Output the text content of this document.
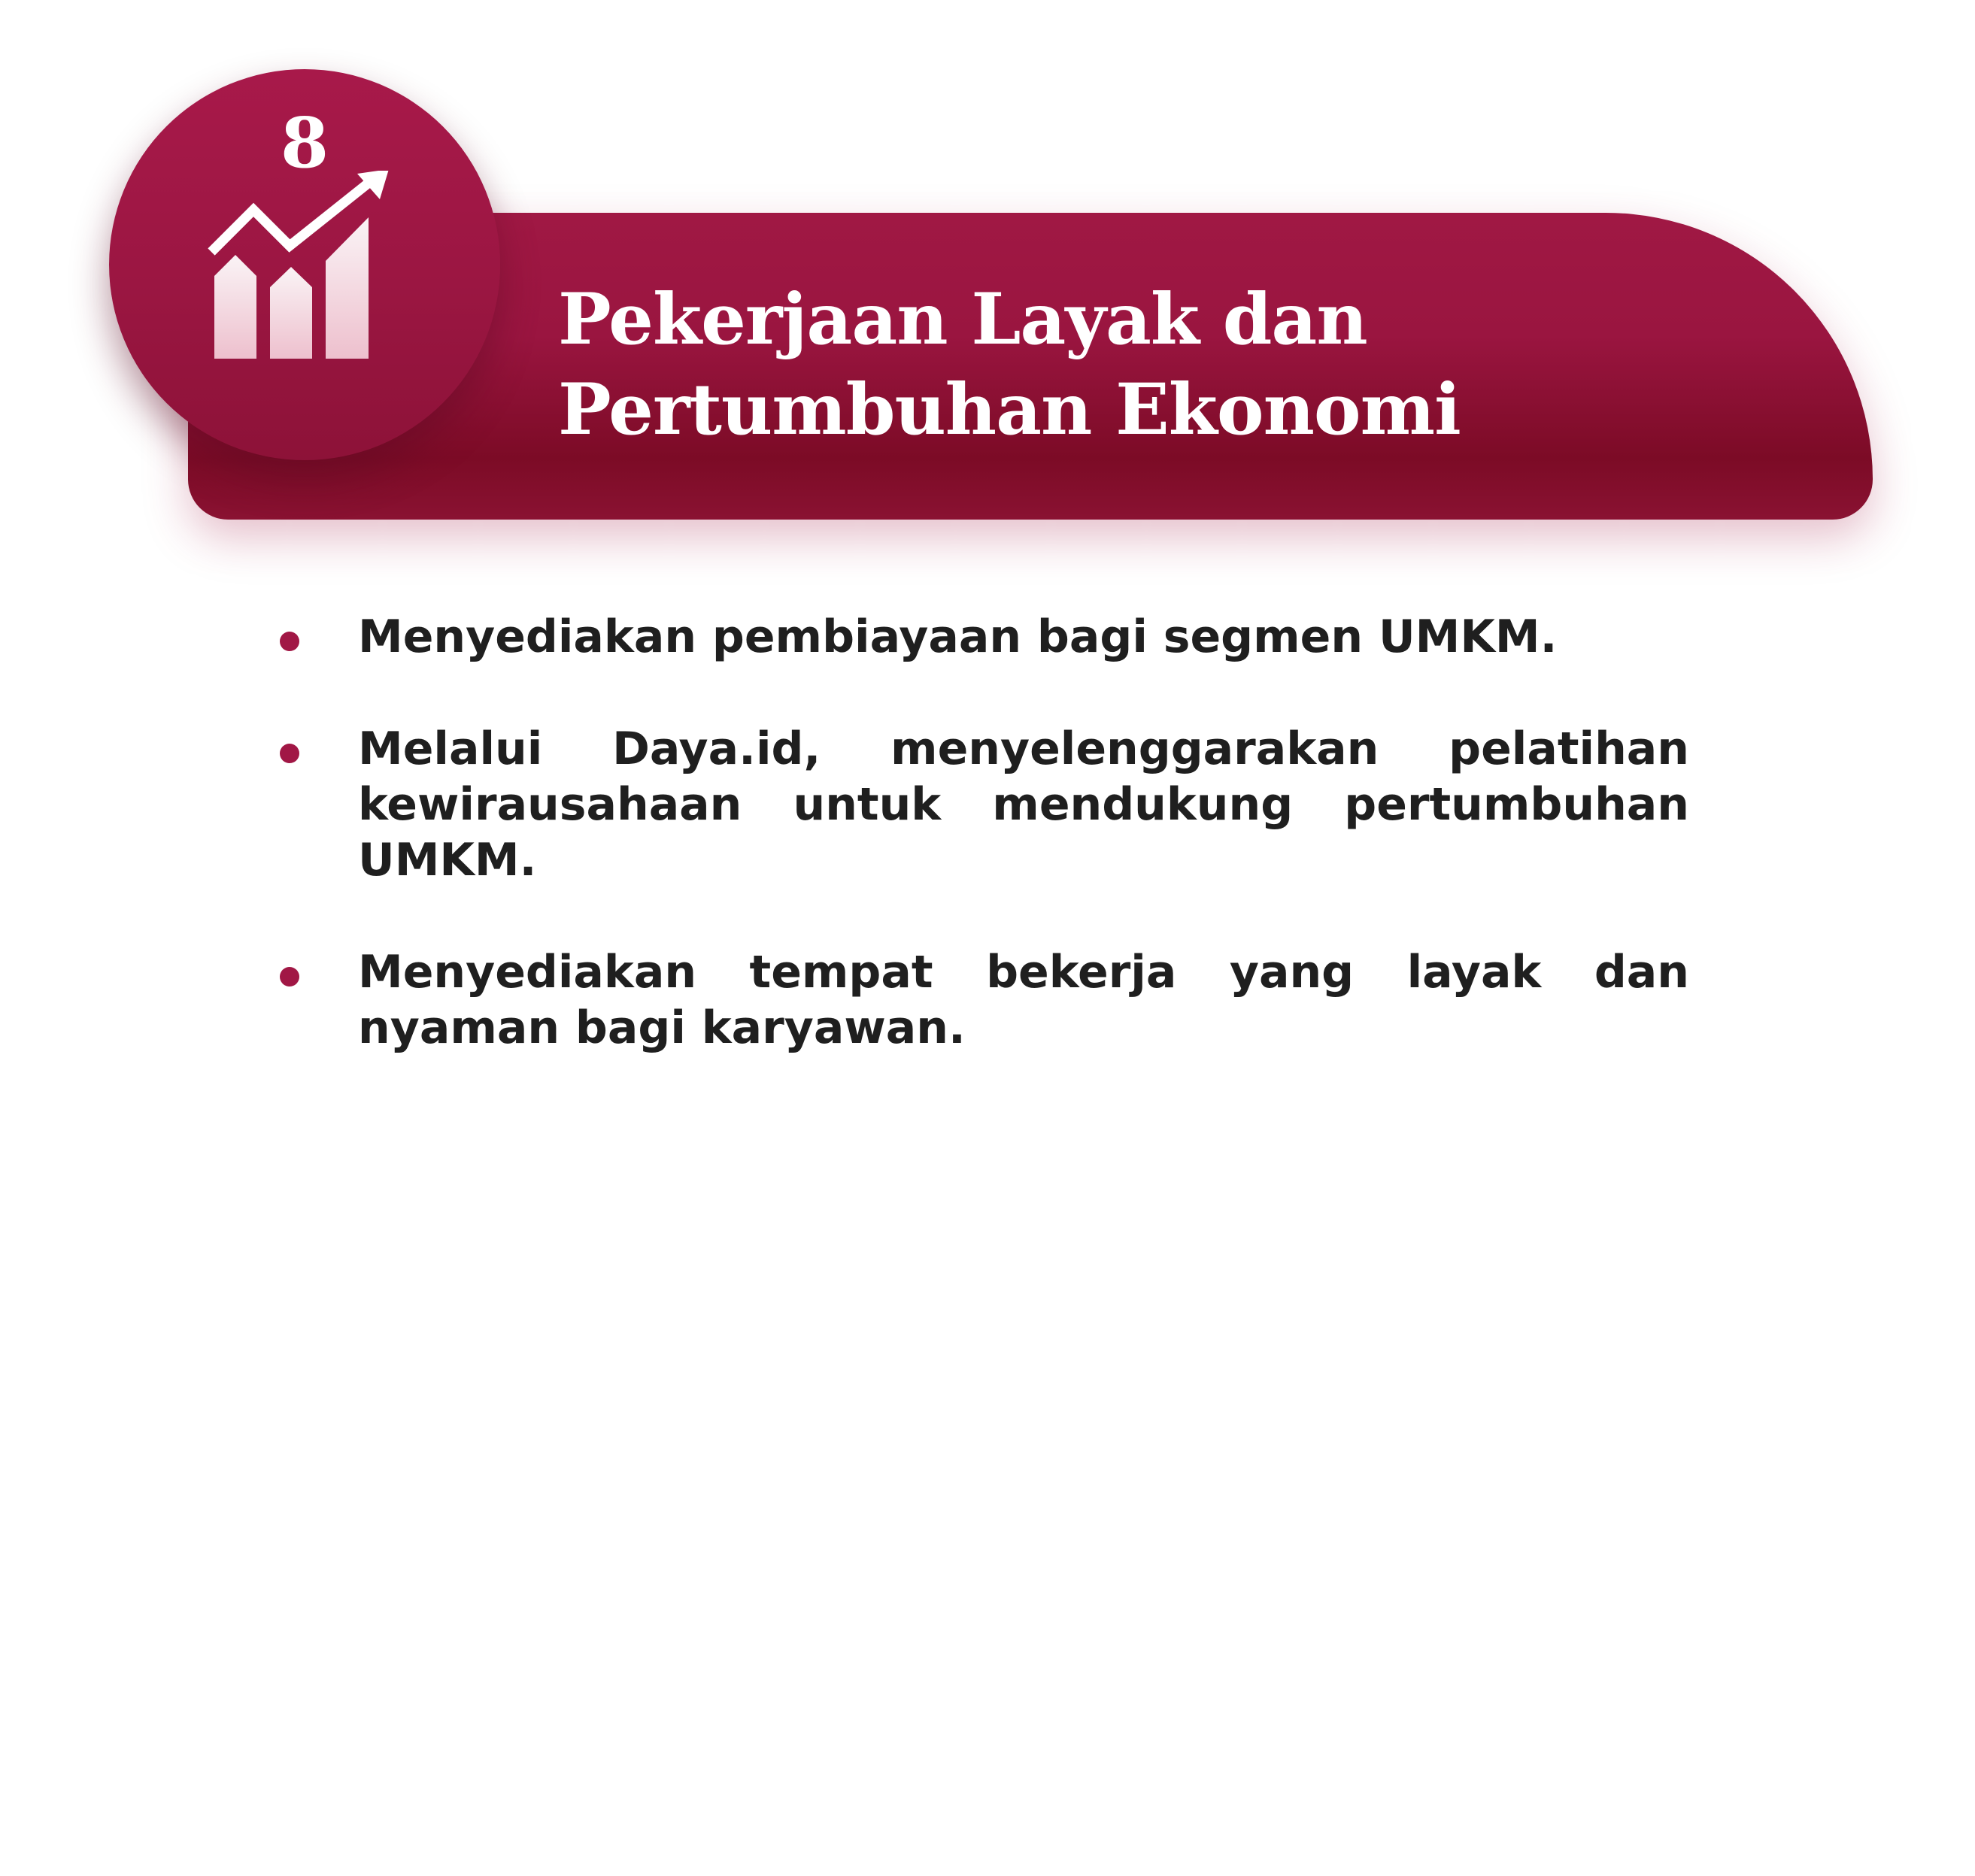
8
Pekerjaan Layak dan
Pertumbuhan Ekonomi
Menyediakan pembiayaan bagi segmen UMKM.
Melalui Daya.id, menyelenggarakan pelatihan kewirausahaan untuk mendukung pertumbuhan UMKM.
Menyediakan tempat bekerja yang layak dan nyaman bagi karyawan.
